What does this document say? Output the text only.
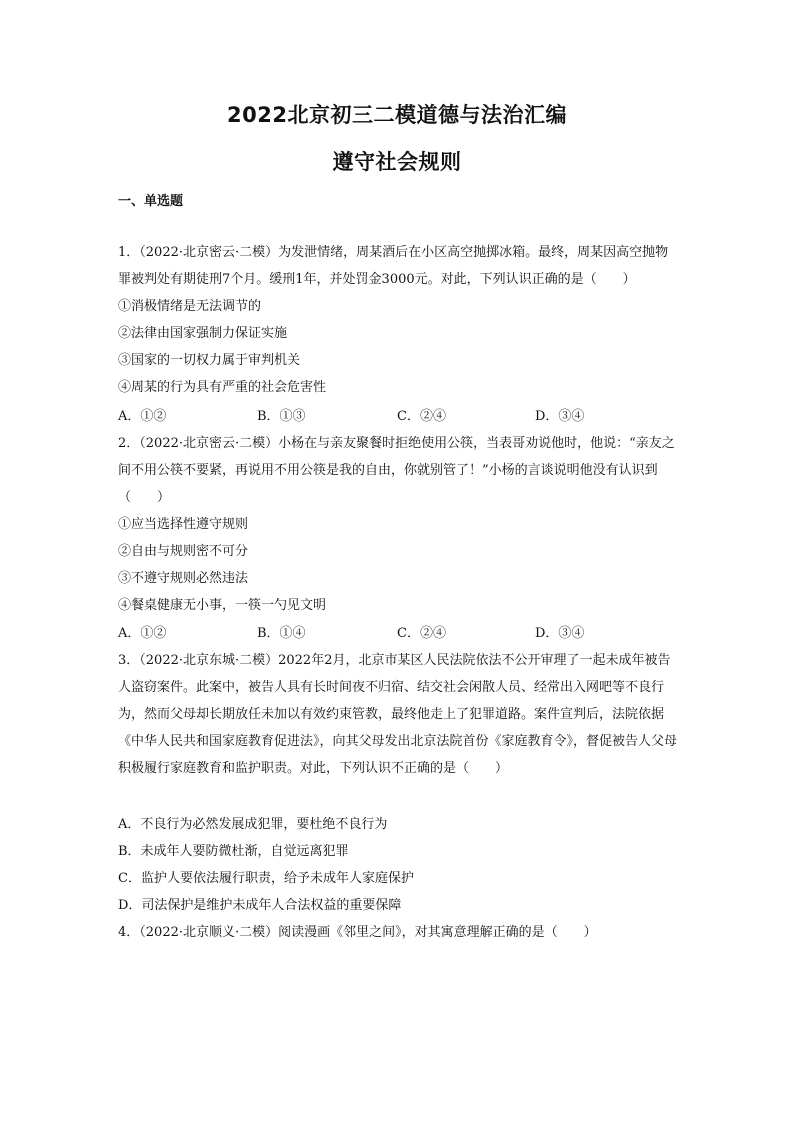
2022北京初三二模道德与法治汇编
遵守社会规则
一、单选题

1．（2022·北京密云·二模）为发泄情绪，周某酒后在小区高空抛掷冰箱。最终，周某因高空抛物罪被判处有期徒刑7个月。缓刑1年，并处罚金3000元。对此，下列认识正确的是（　　）

①消极情绪是无法调节的
②法律由国家强制力保证实施
③国家的一切权力属于审判机关
④周某的行为具有严重的社会危害性
A．①②	B．①③	C．②④	D．③④

2．（2022·北京密云·二模）小杨在与亲友聚餐时拒绝使用公筷，当表哥劝说他时，他说：“亲友之间不用公筷不要紧，再说用不用公筷是我的自由，你就别管了！”小杨的言谈说明他没有认识到（　　）

①应当选择性遵守规则
②自由与规则密不可分
③不遵守规则必然违法
④餐桌健康无小事，一筷一勺见文明
A．①②	B．①④	C．②④	D．③④

3．（2022·北京东城·二模）2022年2月，北京市某区人民法院依法不公开审理了一起未成年被告人盗窃案件。此案中，被告人具有长时间夜不归宿、结交社会闲散人员、经常出入网吧等不良行为，然而父母却长期放任未加以有效约束管教，最终他走上了犯罪道路。案件宣判后，法院依据《中华人民共和国家庭教育促进法》，向其父母发出北京法院首份《家庭教育令》，督促被告人父母积极履行家庭教育和监护职责。对此，下列认识不正确的是（　　）

A．不良行为必然发展成犯罪，要杜绝不良行为
B．未成年人要防微杜渐，自觉远离犯罪
C．监护人要依法履行职责，给予未成年人家庭保护
D．司法保护是维护未成年人合法权益的重要保障

4．（2022·北京顺义·二模）阅读漫画《邻里之间》，对其寓意理解正确的是（　　）
